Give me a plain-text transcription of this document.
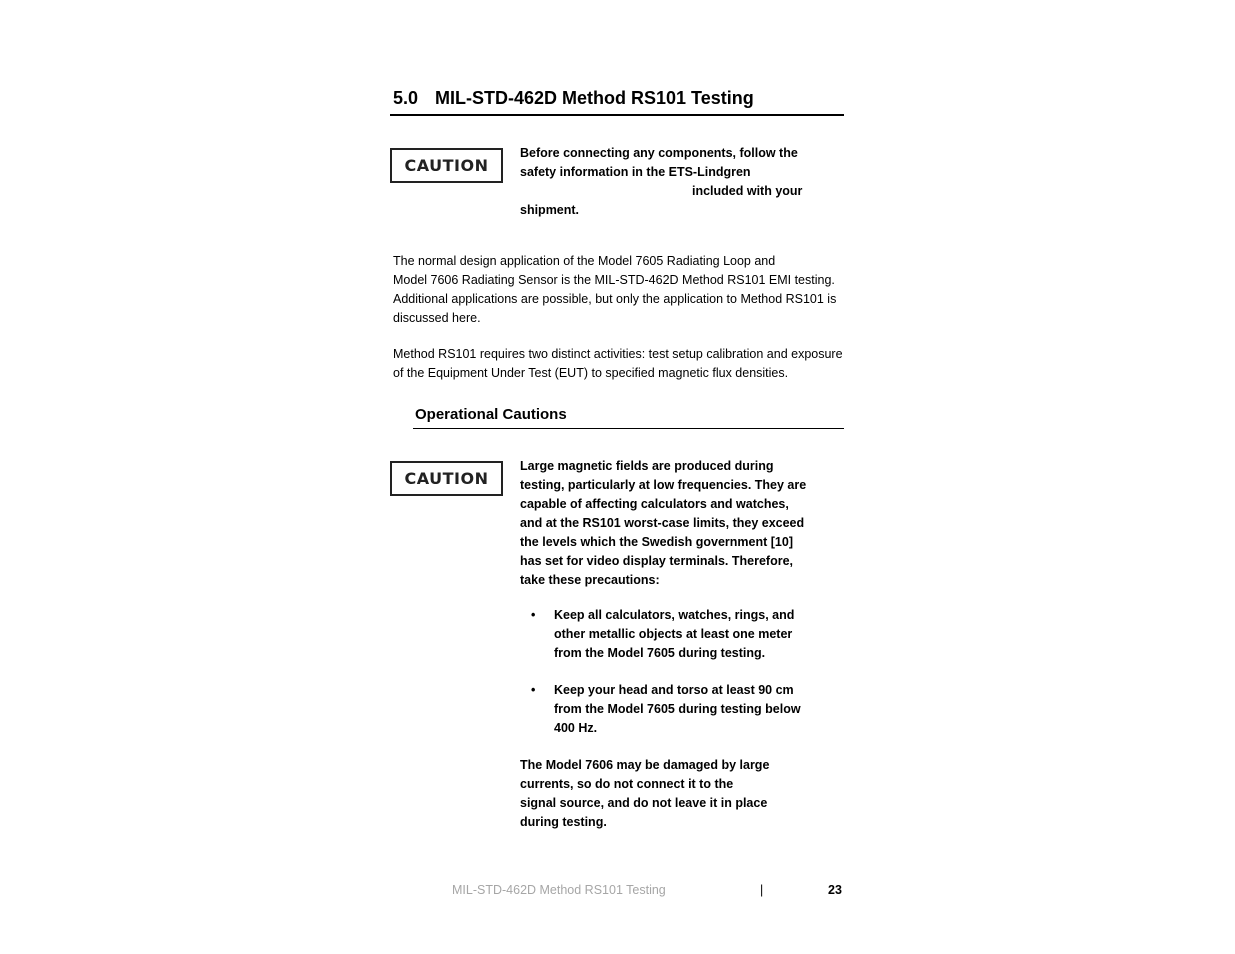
5.0 MIL-STD-462D Method RS101 Testing
CAUTION
Before connecting any components, follow the
safety information in the ETS-Lindgren
included with your
shipment.
The normal design application of the Model 7605 Radiating Loop and
Model 7606 Radiating Sensor is the MIL-STD-462D Method RS101 EMI testing.
Additional applications are possible, but only the application to Method RS101 is
discussed here.
Method RS101 requires two distinct activities: test setup calibration and exposure
of the Equipment Under Test (EUT) to specified magnetic flux densities.
Operational Cautions
CAUTION
Large magnetic fields are produced during
testing, particularly at low frequencies. They are
capable of affecting calculators and watches,
and at the RS101 worst-case limits, they exceed
the levels which the Swedish government [10]
has set for video display terminals. Therefore,
take these precautions:
• Keep all calculators, watches, rings, and
other metallic objects at least one meter
from the Model 7605 during testing.
• Keep your head and torso at least 90 cm
from the Model 7605 during testing below
400 Hz.
The Model 7606 may be damaged by large
currents, so do not connect it to the
signal source, and do not leave it in place
during testing.
MIL-STD-462D Method RS101 Testing	|	23
